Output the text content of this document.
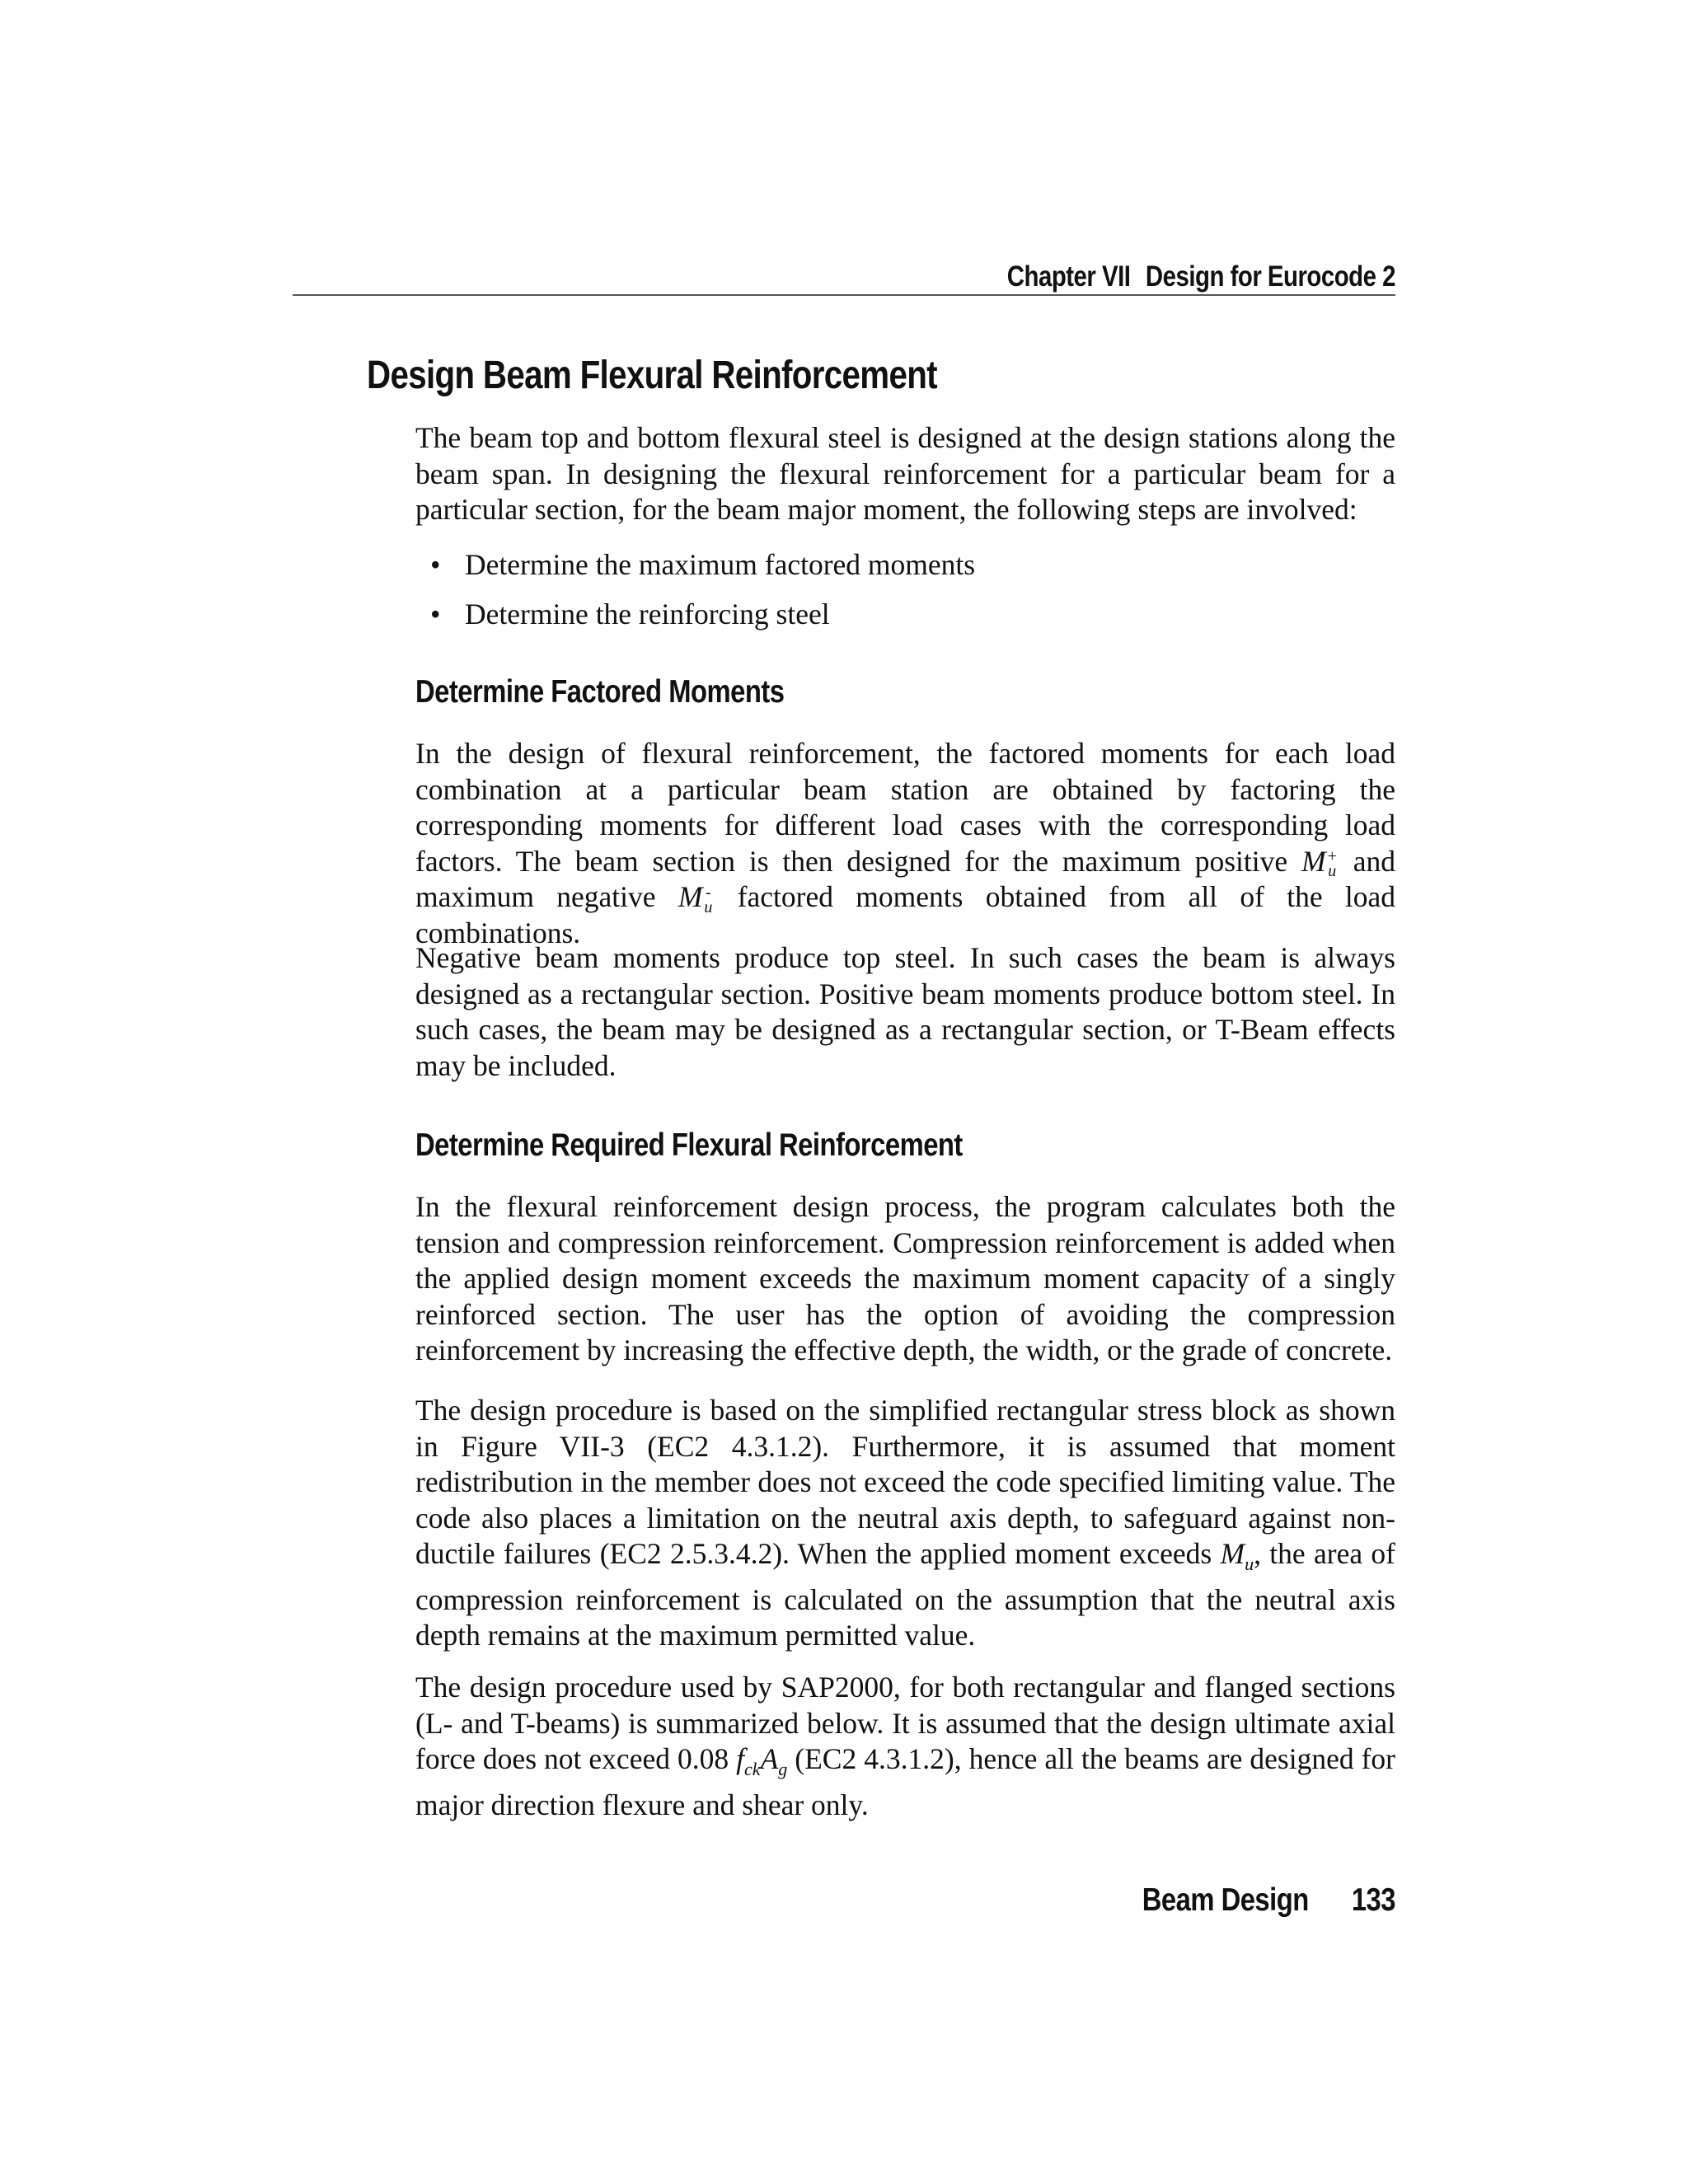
Chapter VII Design for Eurocode 2
Design Beam Flexural Reinforcement

The beam top and bottom flexural steel is designed at the design stations along the beam span. In designing the flexural reinforcement for a particular beam for a particular section, for the beam major moment, the following steps are involved:

• Determine the maximum factored moments
• Determine the reinforcing steel
Determine Factored Moments

In the design of flexural reinforcement, the factored moments for each load combination at a particular beam station are obtained by factoring the corresponding moments for different load cases with the corresponding load factors. The beam section is then designed for the maximum positive M +
u and maximum negative M -
u factored moments obtained from all of the load combinations.

Negative beam moments produce top steel. In such cases the beam is always designed as a rectangular section. Positive beam moments produce bottom steel. In such cases, the beam may be designed as a rectangular section, or T-Beam effects may be included.

Determine Required Flexural Reinforcement

In the flexural reinforcement design process, the program calculates both the tension and compression reinforcement. Compression reinforcement is added when the applied design moment exceeds the maximum moment capacity of a singly reinforced section. The user has the option of avoiding the compression reinforcement by increasing the effective depth, the width, or the grade of concrete.

The design procedure is based on the simplified rectangular stress block as shown in Figure VII-3 (EC2 4.3.1.2). Furthermore, it is assumed that moment redistribution in the member does not exceed the code specified limiting value. The code also places a limitation on the neutral axis depth, to safeguard against non-ductile failures (EC2 2.5.3.4.2). When the applied moment exceeds $M_u$, the area of compression reinforcement is calculated on the assumption that the neutral axis depth remains at the maximum permitted value.

The design procedure used by SAP2000, for both rectangular and flanged sections (L- and T-beams) is summarized below. It is assumed that the design ultimate axial force does not exceed 0.08 $f_{ck}A_g$ (EC2 4.3.1.2), hence all the beams are designed for major direction flexure and shear only.

Beam Design 133
